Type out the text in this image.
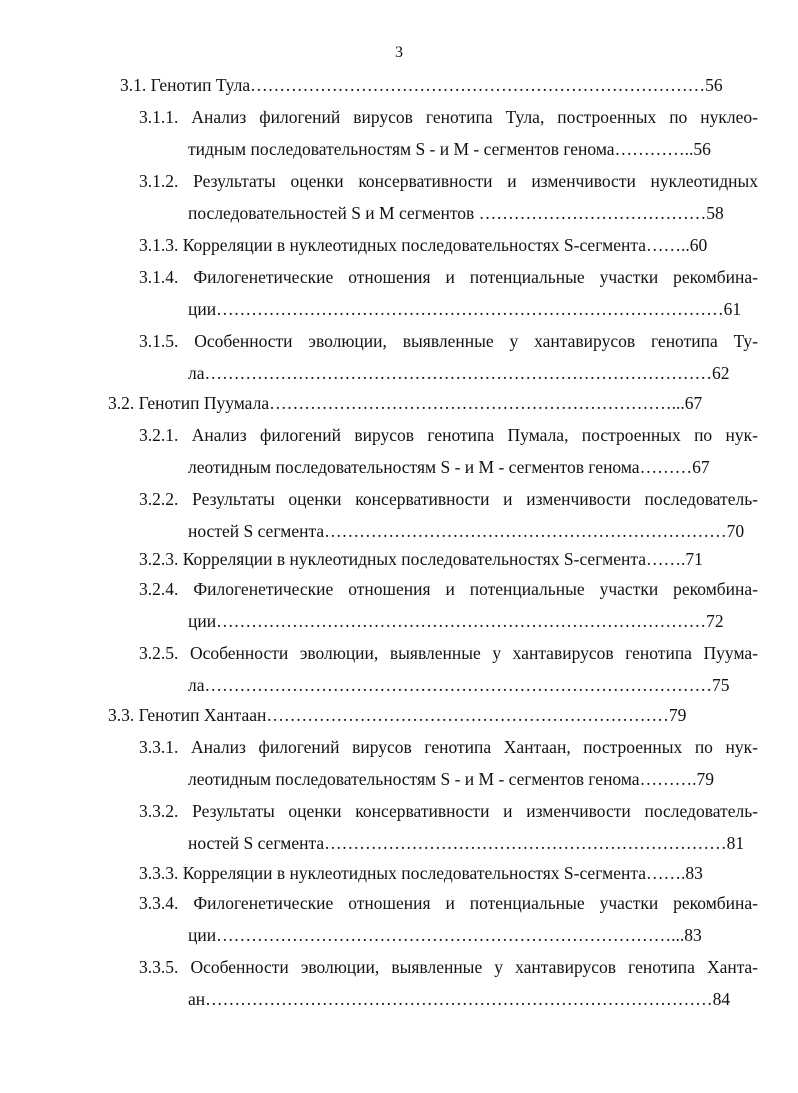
3
3.1. Генотип Тула……………………………………………………………………56
3.1.1. Анализ филогений вирусов генотипа Тула, построенных по нуклео-
тидным последовательностям S - и М - сегментов генома…………..56
3.1.2. Результаты оценки консервативности и изменчивости нуклеотидных
последовательностей S и М сегментов …………………………………58
3.1.3. Корреляции в нуклеотидных последовательностях S-сегмента……..60
3.1.4. Филогенетические отношения и потенциальные участки рекомбина-
ции……………………………………………………………………………61
3.1.5. Особенности эволюции, выявленные у хантавирусов генотипа Ту-
ла……………………………………………………………………………62
3.2. Генотип Пуумала……………………………………………………………...67
3.2.1. Анализ филогений вирусов генотипа Пумала, построенных по нук-
леотидным последовательностям S - и М - сегментов генома………67
3.2.2. Результаты оценки консервативности и изменчивости последователь-
ностей S сегмента……………………………………………………………70
3.2.3. Корреляции в нуклеотидных последовательностях S-сегмента…….71
3.2.4. Филогенетические отношения и потенциальные участки рекомбина-
ции…………………………………………………………………………72
3.2.5. Особенности эволюции, выявленные у хантавирусов генотипа Пуума-
ла……………………………………………………………………………75
3.3. Генотип Хантаан……………………………………………………………79
3.3.1. Анализ филогений вирусов генотипа Хантаан, построенных по нук-
леотидным последовательностям S - и М - сегментов генома……….79
3.3.2. Результаты оценки консервативности и изменчивости последователь-
ностей S сегмента……………………………………………………………81
3.3.3. Корреляции в нуклеотидных последовательностях S-сегмента…….83
3.3.4. Филогенетические отношения и потенциальные участки рекомбина-
ции……………………………………………………………………...83
3.3.5. Особенности эволюции, выявленные у хантавирусов генотипа Хантa-
ан……………………………………………………………………………84
